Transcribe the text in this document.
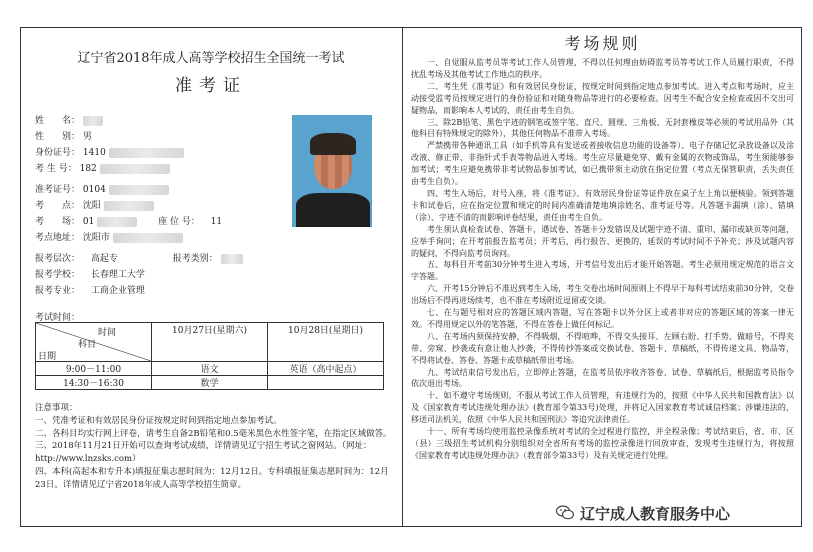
辽宁省2018年成人高等学校招生全国统一考试
准考证
姓　　名：
性　　别： 男
身份证号： 1410
考 生 号： 182
准考证号： 0104
考　　点： 沈阳
考　　场： 01	座 位 号： 11
考点地址： 沈阳市
报考层次： 高起专	报考类别：
报考学校： 长春理工大学
报考专业： 工商企业管理
考试时间：
时间
科目
日期	10月27日(星期六)	10月28日(星期日)
9:00－11:00	语文	英语（高中起点）
14:30－16:30	数学	

注意事项：

一、凭准考证和有效居民身份证按规定时间到指定地点参加考试。

二、各科目均实行网上评卷，请考生自备2B铅笔和0.5毫米黑色水性签字笔，在指定区域做答。

三、2018年11月21日开始可以查询考试成绩，详情请见辽宁招生考试之窗网站。（网址：http://www.lnzsks.com）

四、本科(高起本和专升本)填报征集志愿时间为：12月12日。专科填报征集志愿时间为：12月23日。详情请见辽宁省2018年成人高等学校招生简章。

考场规则

一、自觉服从监考员等考试工作人员管理，不得以任何理由妨碍监考员等考试工作人员履行职责，不得扰乱考场及其他考试工作地点的秩序。

二、考生凭《准考证》和有效居民身份证，按规定时间到指定地点参加考试。进入考点和考场时，应主动接受监考员按规定进行的身份验证和对随身物品等进行的必要检查。因考生不配合安全检查或因不交出可疑物品，而影响本人考试的，责任由考生自负。

三、除2B铅笔、黑色字迹的钢笔或签字笔、直尺、圆规、三角板、无封套橡皮等必须的考试用品外（其他科目有特殊规定的除外），其他任何物品不准带入考场。

严禁携带各种通讯工具（如手机等具有发送或者接收信息功能的设备等）、电子存储记忆录放设备以及涂改液、修正带、非指针式手表等物品进入考场。考生应尽量避免穿、戴有金属的衣物或饰品，考生须能够参加考试；考生应避免携带非考试物品参加考试，如已携带须主动放在指定位置（考点无保管职责，丢失责任由考生自负）。

四、考生入场后，对号入座，将《准考证》、有效居民身份证等证件放在桌子左上角以便核验。领到答题卡和试卷后，应在指定位置和规定的时间内准确清楚地填涂姓名、准考证号等。凡答题卡漏填（涂）、错填（涂）、字迹不清的而影响评卷结果，责任由考生自负。

考生须认真检查试卷、答题卡，遇试卷、答题卡分发错误及试题字迹不清、重印、漏印或缺页等问题，应举手询问；在开考前报告监考员；开考后，再行报告、更换的，延误的考试时间不予补充；涉及试题内容的疑问，不得向监考员询问。

五、每科目开考前30分钟考生进入考场，开考信号发出后才能开始答题。考生必须用规定规范的语言文字答题。

六、开考15分钟后不准迟到考生入场，考生交卷出场时间原则上不得早于每科考试结束前30分钟，交卷出场后不得再进场续考，也不准在考场附近逗留或交谈。

七、在与题号相对应的答题区域内答题，写在答题卡以外分区上或者非对应的答题区域的答案一律无效。不得用规定以外的笔答题，不得在答卷上做任何标记。

八、在考场内须保持安静，不得吸烟，不得喧哗，不得交头接耳、左顾右盼、打手势、做暗号，不得夹带、旁窥、抄袭或有意让他人抄袭，不得传抄答案或交换试卷、答题卡、草稿纸，不得传递文具、物品等，不得将试卷、答卷、答题卡或草稿纸带出考场。

九、考试结束信号发出后，立即停止答题，在监考员依序收齐答卷、试卷、草稿纸后，根据监考员指令依次退出考场。

十、如不遵守考场规则，不服从考试工作人员管理，有违规行为的，按照《中华人民共和国教育法》以及《国家教育考试违规处理办法》(教育部令第33号)处理，并将记入国家教育考试诚信档案；涉嫌违法的，移送司法机关，依照《中华人民共和国刑法》等追究法律责任。

十一、所有考场均使用监控录像系统对考试的全过程进行监控，并全程录像；考试结束后，省、市、区（县）三级招生考试机构分别组织对全省所有考场的监控录像进行回放审查，发现考生违规行为，将按照《国家教育考试违规处理办法》（教育部令第33号）及有关规定进行处理。

辽宁成人教育服务中心
